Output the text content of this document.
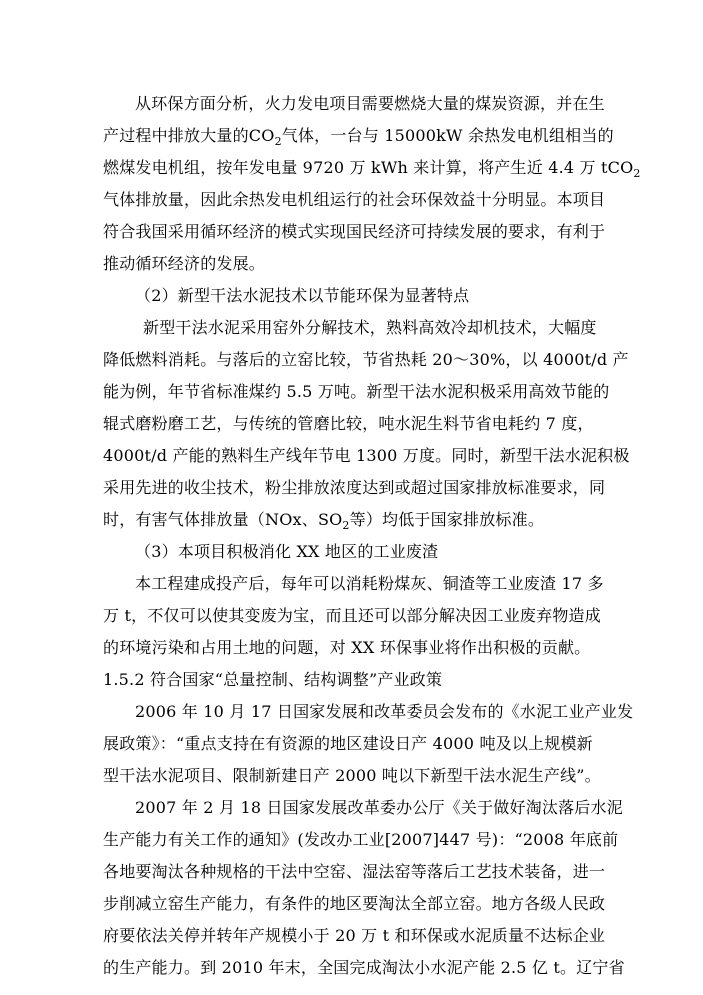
从环保方面分析，火力发电项目需要燃烧大量的煤炭资源，并在生
产过程中排放大量的$CO_2$气体，一台与 15000kW 余热发电机组相当的
燃煤发电机组，按年发电量 9720 万 kWh 来计算，将产生近 4.4 万 tCO$_2$
气体排放量，因此余热发电机组运行的社会环保效益十分明显。本项目
符合我国采用循环经济的模式实现国民经济可持续发展的要求，有利于
推动循环经济的发展。
（2）新型干法水泥技术以节能环保为显著特点
新型干法水泥采用窑外分解技术，熟料高效冷却机技术，大幅度
降低燃料消耗。与落后的立窑比较，节省热耗 20～30%，以 4000t/d 产
能为例，年节省标准煤约 5.5 万吨。新型干法水泥积极采用高效节能的
辊式磨粉磨工艺，与传统的管磨比较，吨水泥生料节省电耗约 7 度，
4000t/d 产能的熟料生产线年节电 1300 万度。同时，新型干法水泥积极
采用先进的收尘技术，粉尘排放浓度达到或超过国家排放标准要求，同
时，有害气体排放量（NOx、$SO_2$等）均低于国家排放标准。
（3）本项目积极消化 XX 地区的工业废渣
本工程建成投产后，每年可以消耗粉煤灰、铜渣等工业废渣 17 多
万 t，不仅可以使其变废为宝，而且还可以部分解决因工业废弃物造成
的环境污染和占用土地的问题，对 XX 环保事业将作出积极的贡献。
1.5.2 符合国家“总量控制、结构调整”产业政策
2006 年 10 月 17 日国家发展和改革委员会发布的《水泥工业产业发
展政策》：“重点支持在有资源的地区建设日产 4000 吨及以上规模新
型干法水泥项目、限制新建日产 2000 吨以下新型干法水泥生产线”。
2007 年 2 月 18 日国家发展改革委办公厅《关于做好淘汰落后水泥
生产能力有关工作的通知》(发改办工业[2007]447 号)：“2008 年底前
各地要淘汰各种规格的干法中空窑、湿法窑等落后工艺技术装备，进一
步削减立窑生产能力，有条件的地区要淘汰全部立窑。地方各级人民政
府要依法关停并转年产规模小于 20 万 t 和环保或水泥质量不达标企业
的生产能力。到 2010 年末，全国完成淘汰小水泥产能 2.5 亿 t。辽宁省
